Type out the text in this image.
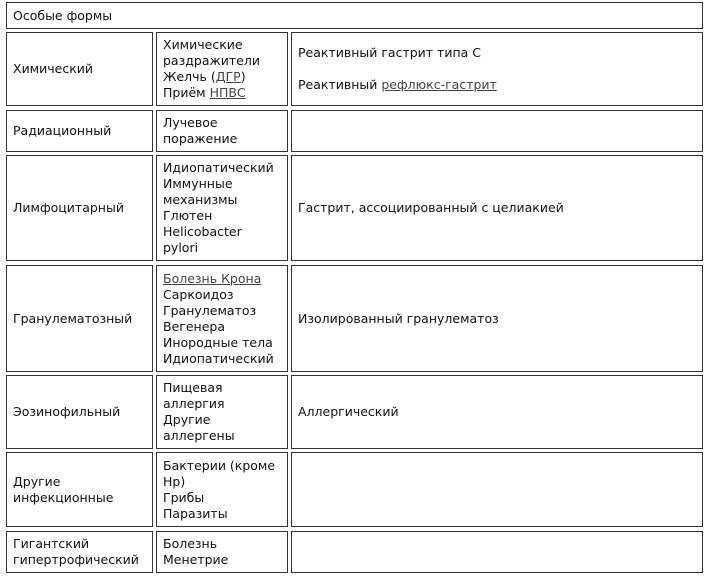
Особые формы
Химический
Химические
раздражители
Желчь (ДГР)
Приём НПВС
Реактивный гастрит типа С
Реактивный рефлюкс-гастрит
Радиационный
Лучевое
поражение
Лимфоцитарный
Идиопатический
Иммунные
механизмы
Глютен
Helicobacter
pylori
Гастрит, ассоциированный с целиакией
Гранулематозный
Болезнь Крона
Саркоидоз
Гранулематоз
Вегенера
Инородные тела
Идиопатический
Изолированный гранулематоз
Эозинофильный
Пищевая
аллергия
Другие
аллергены
Аллергический
Другие
инфекционные
Бактерии (кроме
Hp)
Грибы
Паразиты
Гигантский
гипертрофический
Болезнь
Менетрие
